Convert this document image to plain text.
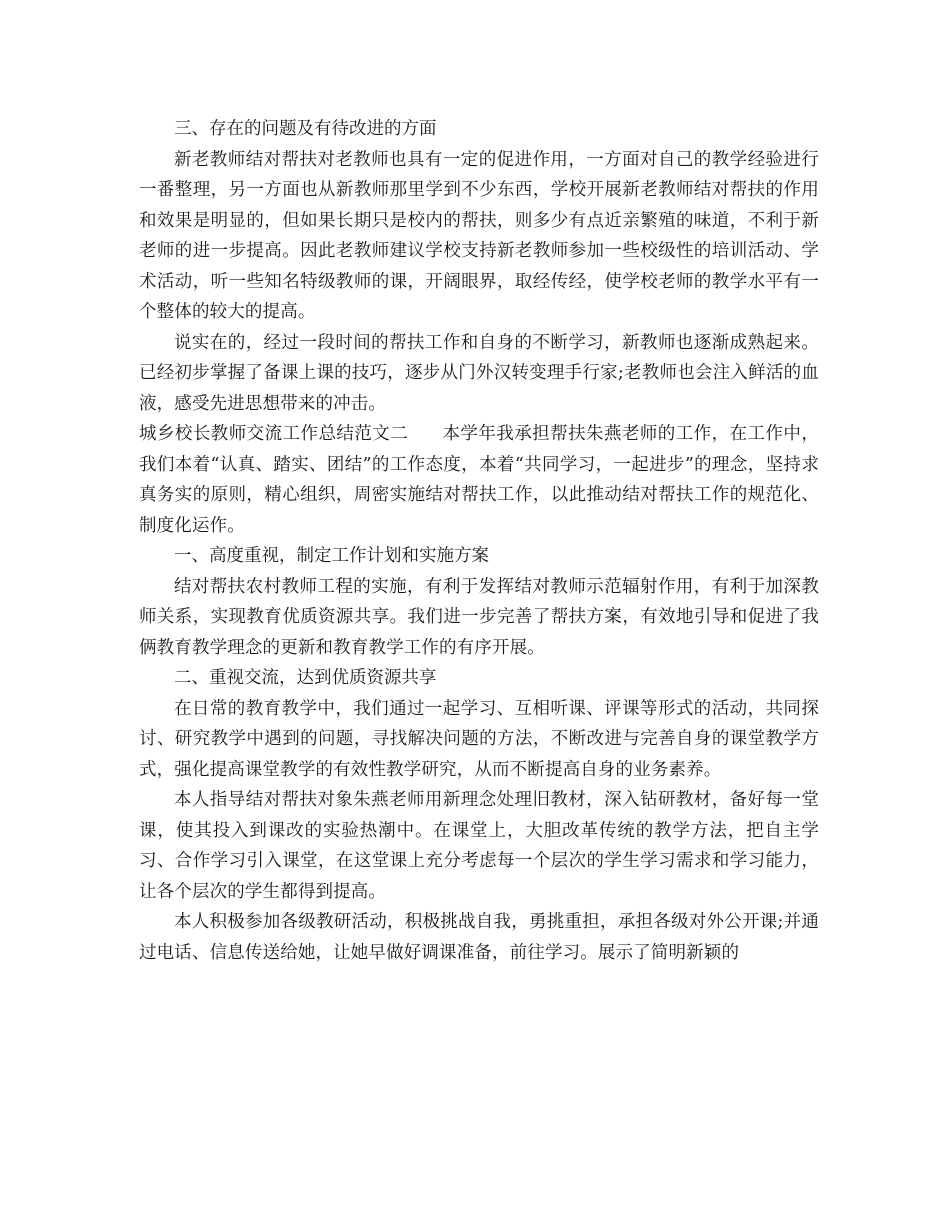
三、存在的问题及有待改进的方面

新老教师结对帮扶对老教师也具有一定的促进作用，一方面对自己的教学经验进行一番整理，另一方面也从新教师那里学到不少东西，学校开展新老教师结对帮扶的作用和效果是明显的，但如果长期只是校内的帮扶，则多少有点近亲繁殖的味道，不利于新老师的进一步提高。因此老教师建议学校支持新老教师参加一些校级性的培训活动、学术活动，听一些知名特级教师的课，开阔眼界，取经传经，使学校老师的教学水平有一个整体的较大的提高。

说实在的，经过一段时间的帮扶工作和自身的不断学习，新教师也逐渐成熟起来。已经初步掌握了备课上课的技巧，逐步从门外汉转变理手行家;老教师也会注入鲜活的血液，感受先进思想带来的冲击。

城乡校长教师交流工作总结范文二 本学年我承担帮扶朱燕老师的工作，在工作中，我们本着“认真、踏实、团结”的工作态度，本着“共同学习，一起进步”的理念，坚持求真务实的原则，精心组织，周密实施结对帮扶工作，以此推动结对帮扶工作的规范化、制度化运作。

一、高度重视，制定工作计划和实施方案

结对帮扶农村教师工程的实施，有利于发挥结对教师示范辐射作用，有利于加深教师关系，实现教育优质资源共享。我们进一步完善了帮扶方案，有效地引导和促进了我俩教育教学理念的更新和教育教学工作的有序开展。

二、重视交流，达到优质资源共享

在日常的教育教学中，我们通过一起学习、互相听课、评课等形式的活动，共同探讨、研究教学中遇到的问题，寻找解决问题的方法，不断改进与完善自身的课堂教学方式，强化提高课堂教学的有效性教学研究，从而不断提高自身的业务素养。

本人指导结对帮扶对象朱燕老师用新理念处理旧教材，深入钻研教材，备好每一堂课，使其投入到课改的实验热潮中。在课堂上，大胆改革传统的教学方法，把自主学习、合作学习引入课堂，在这堂课上充分考虑每一个层次的学生学习需求和学习能力，让各个层次的学生都得到提高。

本人积极参加各级教研活动，积极挑战自我，勇挑重担，承担各级对外公开课;并通过电话、信息传送给她，让她早做好调课准备，前往学习。展示了简明新颖的
